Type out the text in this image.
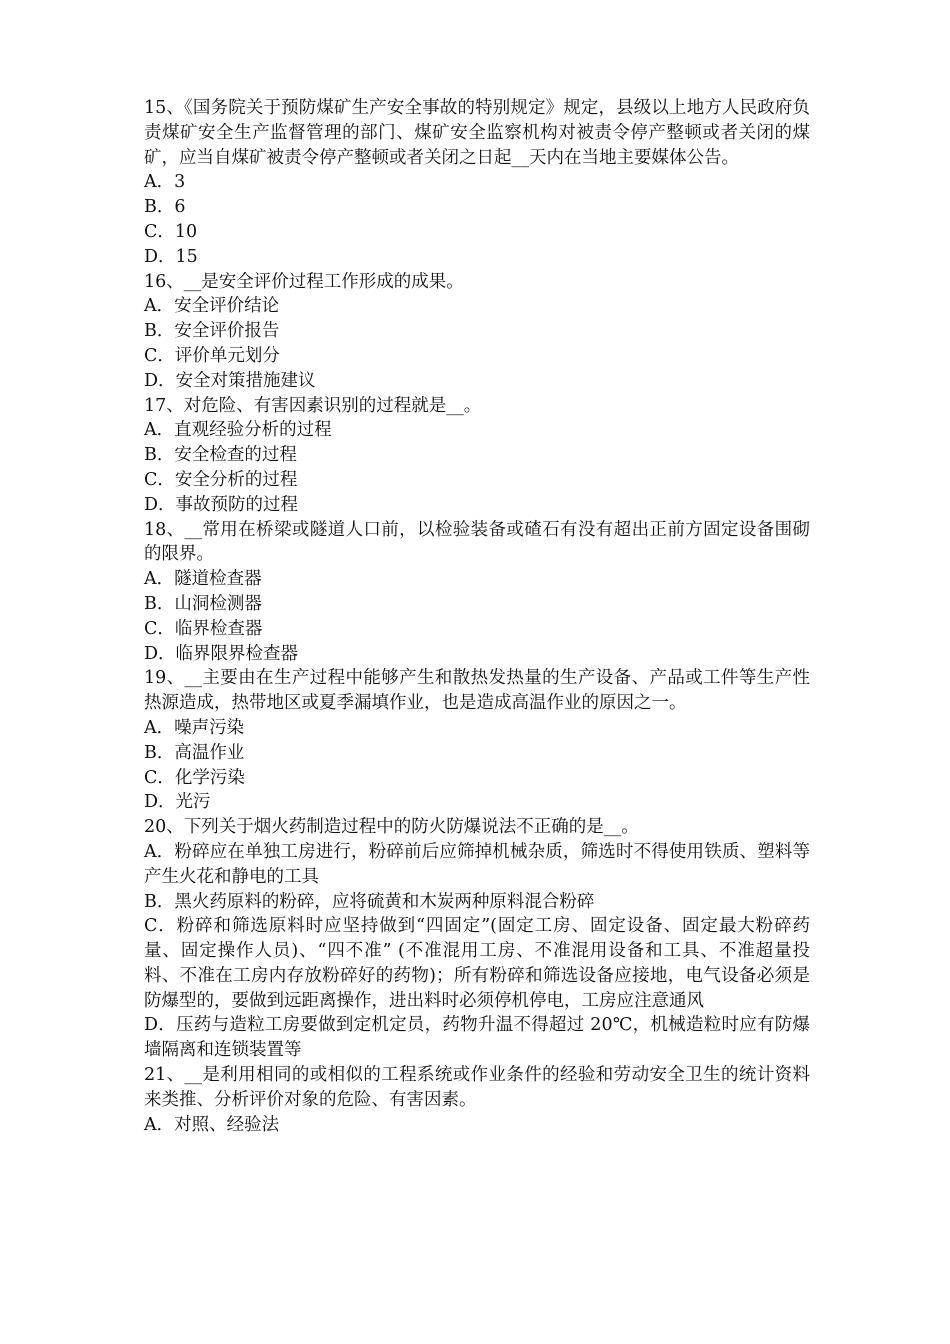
15、《国务院关于预防煤矿生产安全事故的特别规定》规定，县级以上地方人民政府负责煤矿安全生产监督管理的部门、煤矿安全监察机构对被责令停产整顿或者关闭的煤矿，应当自煤矿被责令停产整顿或者关闭之日起__天内在当地主要媒体公告。

A．3

B．6

C．10

D．15

16、__是安全评价过程工作形成的成果。

A．安全评价结论

B．安全评价报告

C．评价单元划分

D．安全对策措施建议

17、对危险、有害因素识别的过程就是__。

A．直观经验分析的过程

B．安全检查的过程

C．安全分析的过程

D．事故预防的过程

18、__常用在桥梁或隧道人口前，以检验装备或碴石有没有超出正前方固定设备围砌的限界。

A．隧道检查器

B．山洞检测器

C．临界检查器

D．临界限界检查器

19、__主要由在生产过程中能够产生和散热发热量的生产设备、产品或工件等生产性热源造成，热带地区或夏季漏填作业，也是造成高温作业的原因之一。

A．噪声污染

B．高温作业

C．化学污染

D．光污

20、下列关于烟火药制造过程中的防火防爆说法不正确的是__。

A．粉碎应在单独工房进行，粉碎前后应筛掉机械杂质，筛选时不得使用铁质、塑料等产生火花和静电的工具

B．黑火药原料的粉碎，应将硫黄和木炭两种原料混合粉碎

C．粉碎和筛选原料时应坚持做到“四固定”(固定工房、固定设备、固定最大粉碎药量、固定操作人员)、“四不准” (不准混用工房、不准混用设备和工具、不准超量投料、不准在工房内存放粉碎好的药物)；所有粉碎和筛选设备应接地，电气设备必须是防爆型的，要做到远距离操作，进出料时必须停机停电，工房应注意通风

D．压药与造粒工房要做到定机定员，药物升温不得超过 20℃，机械造粒时应有防爆墙隔离和连锁装置等

21、__是利用相同的或相似的工程系统或作业条件的经验和劳动安全卫生的统计资料来类推、分析评价对象的危险、有害因素。

A．对照、经验法
